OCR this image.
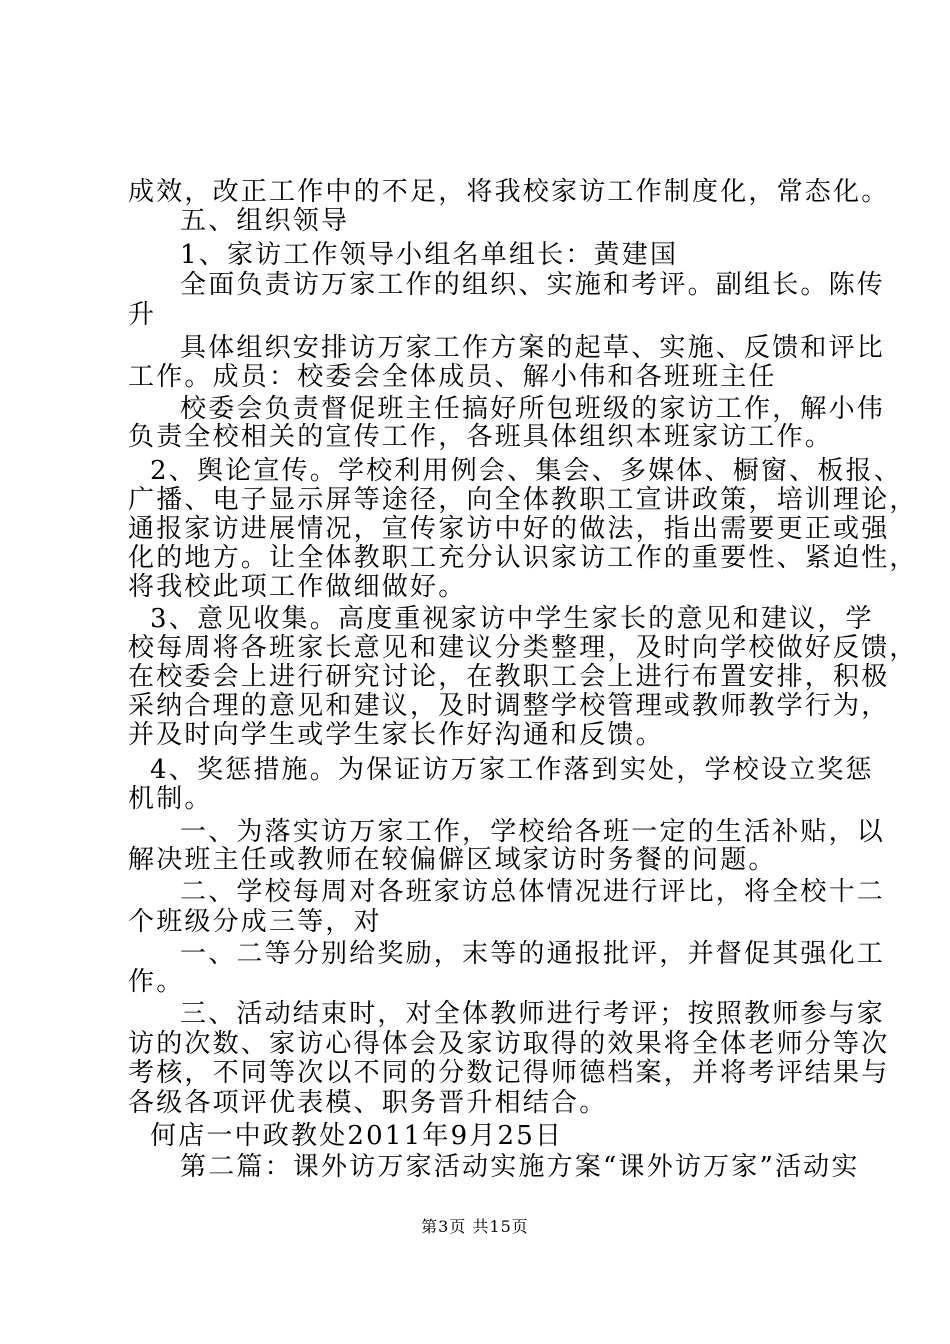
成效，改正工作中的不足，将我校家访工作制度化，常态化。
五、组织领导
1、家访工作领导小组名单组长：黄建国
全面负责访万家工作的组织、实施和考评。副组长。陈传
升
具体组织安排访万家工作方案的起草、实施、反馈和评比
工作。成员：校委会全体成员、解小伟和各班班主任
校委会负责督促班主任搞好所包班级的家访工作，解小伟
负责全校相关的宣传工作，各班具体组织本班家访工作。
2、舆论宣传。学校利用例会、集会、多媒体、橱窗、板报、
广播、电子显示屏等途径，向全体教职工宣讲政策，培训理论，
通报家访进展情况，宣传家访中好的做法，指出需要更正或强
化的地方。让全体教职工充分认识家访工作的重要性、紧迫性，
将我校此项工作做细做好。
3、意见收集。高度重视家访中学生家长的意见和建议，学
校每周将各班家长意见和建议分类整理，及时向学校做好反馈，
在校委会上进行研究讨论，在教职工会上进行布置安排，积极
采纳合理的意见和建议，及时调整学校管理或教师教学行为，
并及时向学生或学生家长作好沟通和反馈。
4、奖惩措施。为保证访万家工作落到实处，学校设立奖惩
机制。
一、为落实访万家工作，学校给各班一定的生活补贴，以
解决班主任或教师在较偏僻区域家访时务餐的问题。
二、学校每周对各班家访总体情况进行评比，将全校十二
个班级分成三等，对
一、二等分别给奖励，末等的通报批评，并督促其强化工
作。
三、活动结束时，对全体教师进行考评；按照教师参与家
访的次数、家访心得体会及家访取得的效果将全体老师分等次
考核，不同等次以不同的分数记得师德档案，并将考评结果与
各级各项评优表模、职务晋升相结合。
何店一中政教处2011年9月25日
第二篇：课外访万家活动实施方案“课外访万家”活动实
第3页 共15页
